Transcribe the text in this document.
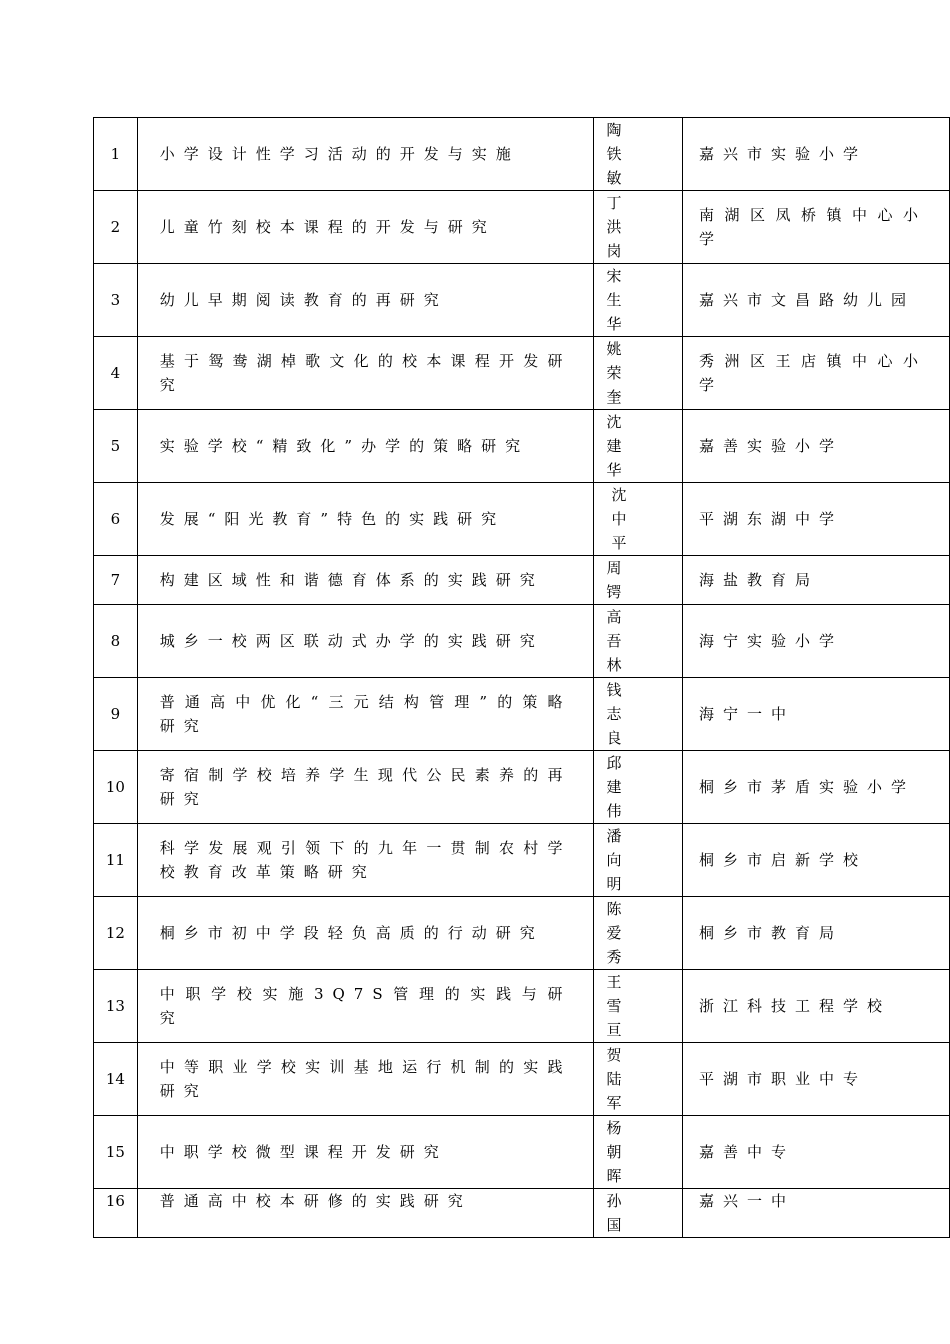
1	小学设计性学习活动的开发与实施	陶铁敏	嘉兴市实验小学
2	儿童竹刻校本课程的开发与研究	丁洪岗	南湖区凤桥镇中心小学
3	幼儿早期阅读教育的再研究	宋生华	嘉兴市文昌路幼儿园
4	基于鸳鸯湖棹歌文化的校本课程开发研究	姚荣奎	秀洲区王店镇中心小学
5	实验学校“精致化”办学的策略研究	沈建华	嘉善实验小学
6	发展“阳光教育”特色的实践研究	沈中平	平湖东湖中学
7	构建区域性和谐德育体系的实践研究	周锷	海盐教育局
8	城乡一校两区联动式办学的实践研究	高吾林	海宁实验小学
9	普通高中优化“三元结构管理”的策略研究	钱志良	海宁一中
10	寄宿制学校培养学生现代公民素养的再研究	邱建伟	桐乡市茅盾实验小学
11	科学发展观引领下的九年一贯制农村学校教育改革策略研究	潘向明	桐乡市启新学校
12	桐乡市初中学段轻负高质的行动研究	陈爱秀	桐乡市教育局
13	中职学校实施3Q7S管理的实践与研究	王雪亘	浙江科技工程学校
14	中等职业学校实训基地运行机制的实践研究	贺陆军	平湖市职业中专
15	中职学校微型课程开发研究	杨朝晖	嘉善中专
16	普通高中校本研修的实践研究	孙国	嘉兴一中
